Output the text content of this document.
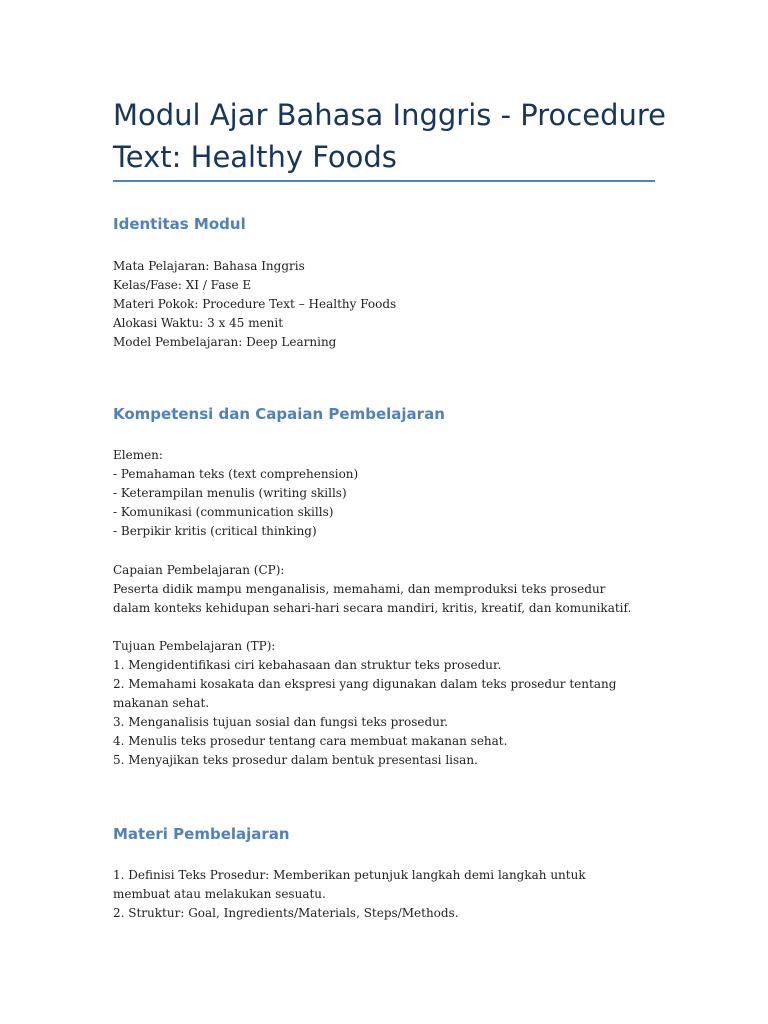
Modul Ajar Bahasa Inggris - Procedure Text: Healthy Foods
Identitas Modul
Mata Pelajaran: Bahasa Inggris
Kelas/Fase: XI / Fase E
Materi Pokok: Procedure Text – Healthy Foods
Alokasi Waktu: 3 x 45 menit
Model Pembelajaran: Deep Learning
Kompetensi dan Capaian Pembelajaran
Elemen:
- Pemahaman teks (text comprehension)
- Keterampilan menulis (writing skills)
- Komunikasi (communication skills)
- Berpikir kritis (critical thinking)
Capaian Pembelajaran (CP):
Peserta didik mampu menganalisis, memahami, dan memproduksi teks prosedur dalam konteks kehidupan sehari-hari secara mandiri, kritis, kreatif, dan komunikatif.
Tujuan Pembelajaran (TP):
1. Mengidentifikasi ciri kebahasaan dan struktur teks prosedur.
2. Memahami kosakata dan ekspresi yang digunakan dalam teks prosedur tentang makanan sehat.
3. Menganalisis tujuan sosial dan fungsi teks prosedur.
4. Menulis teks prosedur tentang cara membuat makanan sehat.
5. Menyajikan teks prosedur dalam bentuk presentasi lisan.
Materi Pembelajaran
1. Definisi Teks Prosedur: Memberikan petunjuk langkah demi langkah untuk membuat atau melakukan sesuatu.
2. Struktur: Goal, Ingredients/Materials, Steps/Methods.
